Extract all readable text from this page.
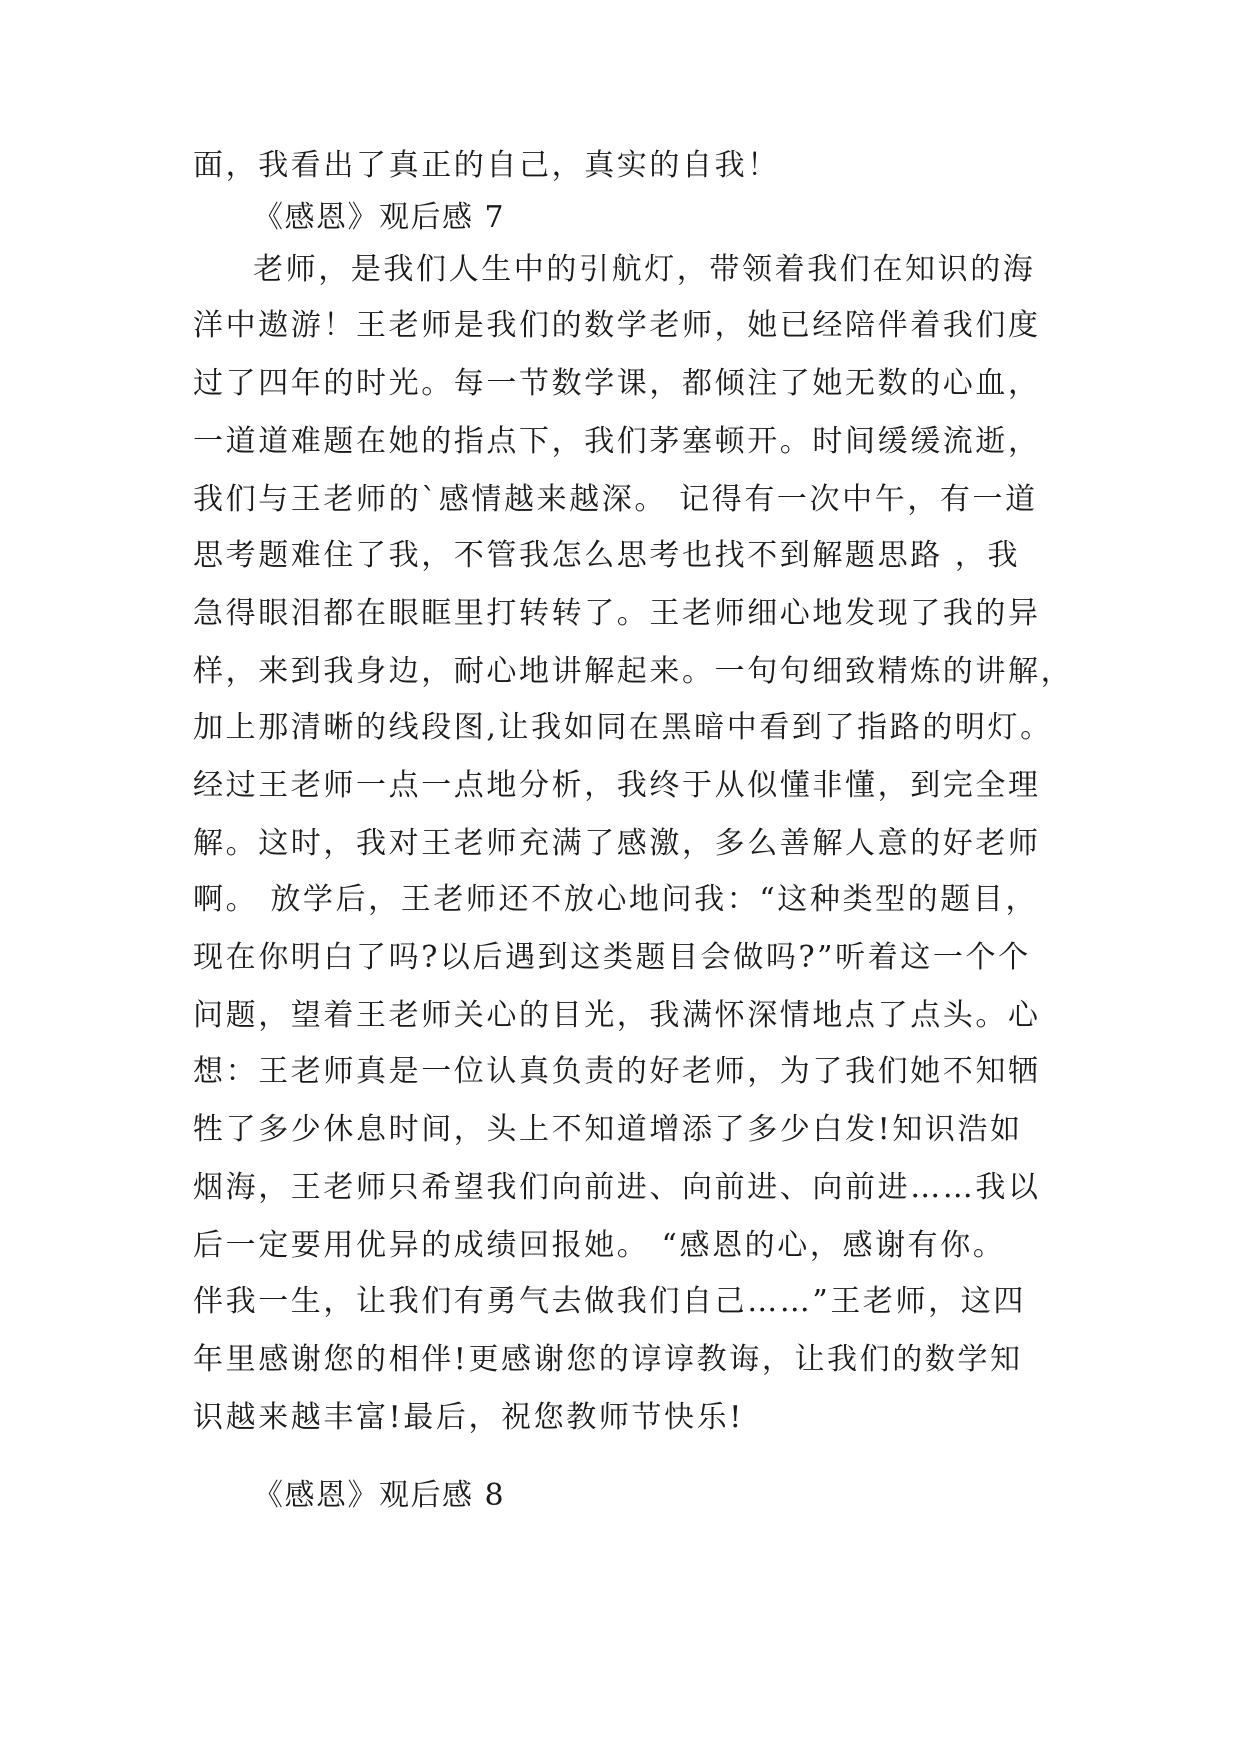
面，我看出了真正的自己，真实的自我！
《感恩》观后感 7
老师，是我们人生中的引航灯，带领着我们在知识的海
洋中遨游！王老师是我们的数学老师，她已经陪伴着我们度
过了四年的时光。每一节数学课，都倾注了她无数的心血，
一道道难题在她的指点下，我们茅塞顿开。时间缓缓流逝，
我们与王老师的`感情越来越深。 记得有一次中午，有一道
思考题难住了我，不管我怎么思考也找不到解题思路 ，我
急得眼泪都在眼眶里打转转了。王老师细心地发现了我的异
样，来到我身边，耐心地讲解起来。一句句细致精炼的讲解，
加上那清晰的线段图,让我如同在黑暗中看到了指路的明灯。
经过王老师一点一点地分析，我终于从似懂非懂，到完全理
解。这时，我对王老师充满了感激，多么善解人意的好老师
啊。 放学后，王老师还不放心地问我：“这种类型的题目，
现在你明白了吗?以后遇到这类题目会做吗?”听着这一个个
问题，望着王老师关心的目光，我满怀深情地点了点头。心
想：王老师真是一位认真负责的好老师，为了我们她不知牺
牲了多少休息时间，头上不知道增添了多少白发!知识浩如
烟海，王老师只希望我们向前进、向前进、向前进……我以
后一定要用优异的成绩回报她。 “感恩的心，感谢有你。
伴我一生，让我们有勇气去做我们自己……”王老师，这四
年里感谢您的相伴!更感谢您的谆谆教诲，让我们的数学知
识越来越丰富!最后，祝您教师节快乐!
《感恩》观后感 8
